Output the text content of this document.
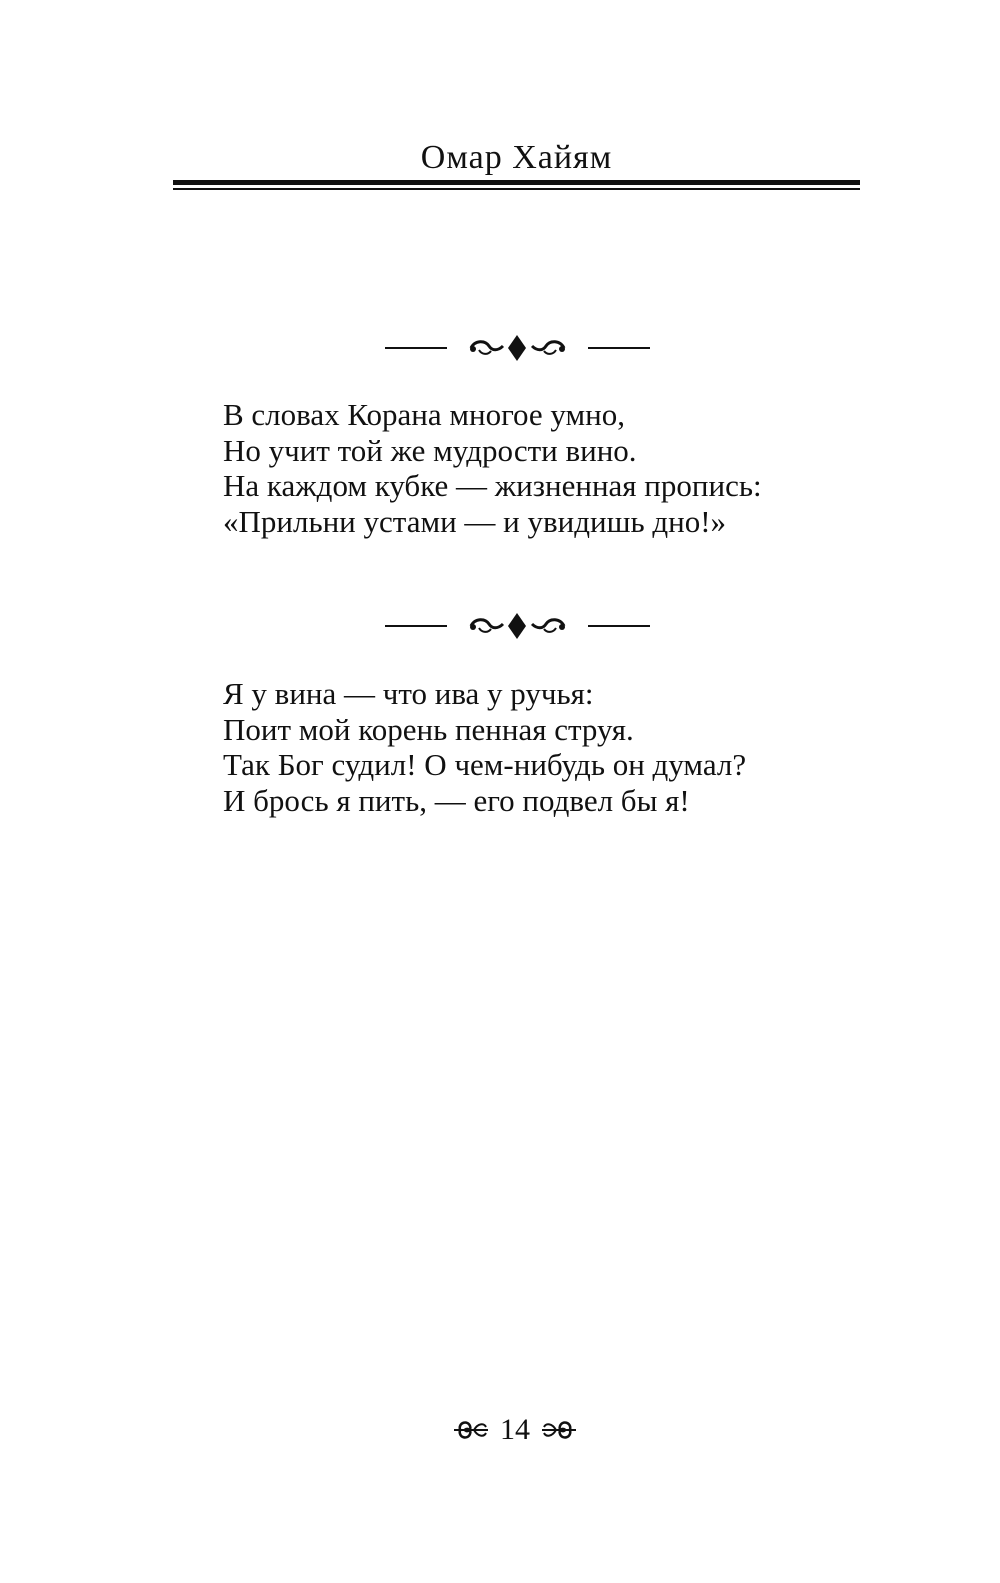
Омар Хайям
В словах Корана многое умно,
Но учит той же мудрости вино.
На каждом кубке — жизненная пропись:
«Прильни устами — и увидишь дно!»
Я у вина — что ива у ручья:
Поит мой корень пенная струя.
Так Бог судил! О чем-нибудь он думал?
И брось я пить, — его подвел бы я!
14
